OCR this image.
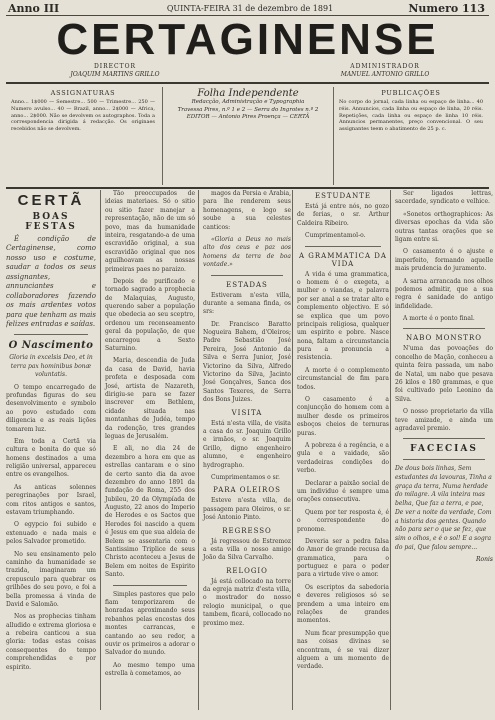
Anno III	QUINTA-FEIRA 31 de dezembro de 1891	Numero 113
CERTAGINENSE
DIRECTOR
JOAQUIM MARTINS GRILLO
ADMINISTRADOR
MANUEL ANTONIO GRILLO
ASSIGNATURAS
Anno... 1$000 — Semestre... 500 — Trimestre... 250 — Numero avulso... 40 — Brazil, anno... 2$000 — Africa, anno... 2$000. Não se devolvem os autographos. Toda a correspondencia dirigida á redacção. Os originaes recebidos não se devolvem.
Folha Independente
Redacção, Administração e Typographia
Travessa Pires, n.º 1 e 2 — Serra do Ingrotes n.º 2
EDITOR — Antonio Pires Proença — CERTÃ
PUBLICAÇÕES
No corpo do jornal, cada linha ou espaço de linha... 40 réis. Annuncios, cada linha ou espaço de linha, 20 réis. Repetições, cada linha ou espaço de linha 10 réis. Annuncios permanentes, preço convencional. O seu assignantes teem o abatimento de 25 p. c.
CERTÃ
BOAS FESTAS

É condição de Certaginense, como nosso uso e costume, saudar a todos os seus assignantes, annunciantes e collaboradores fazendo os mais ardentes votos para que tenham as mais felizes entradas e saídas.

O Nascimento

Gloria in excelsis Deo, et in terra pax hominibus bonæ voluntatis.

O tempo encarregado de profundas figuras do seu desenvolvimento e symbolo ao povo estudado com diligencia e as reais lições tomarem luz.

Em toda a Certã via cultura e bonita do que só homens destinados a uma religião universal, appareceu entre os evangelhos.

As anticas solennes peregrinações por Israel, com ritos antigos e santos, estavam triumphando.

O egypcio foi subido e extenuado e nada mais e pelos Salvador prometido.

No seu ensinamento pelo caminho da humanidade se trazida, imaginaram um crepusculo para quebrar os grilhões do seu povo, e foi a bella promessa á vinda de David e Salomão.

Nos as prophecias tinham alludido e extrema gloriosa e a rebeira canticou a sua gloria: todas estas coisas consequentes do tempo comprehendidas e por espirito.

Tão preoccupados de ideias materiaes. Só o sitio ou sitio fazer manejar a representação, não de um só povo, mas da humanidade inteira, resgatando-a de uma escravidão original, a sua escravidão original que nos aguilhoavam as nossas primeiras paes no paraizo.

Depois de purificado e tornado sagrado a prophecia de Malaquias, Augusto, querendo saber a população que obedecia ao seu sceptro, ordenou um recenseamento geral da população, de que encarregou a Sexto Saturnino.

Maria, descendia de Juda da casa de David, havia profeta e desposada com José, artista de Nazareth, dirigiu-se para se fazer inscrever em Bethlem, cidade situada nas montanhas de Judéa, tempo da rodenção, tres grandes leguas de Jerusalém.

E ali, no dia 24 de dezembro a hora em que as estrellas cantaram e o sino de certo santo dia da avoe dezembro do anno 1891 da fundação de Roma, 255 dos Jubileu, 20 da Olympíada de Augusto, 22 anos do Imperio de Herodes e os Sactos que Herodes foi nascido a quem é Jesus em que sua aldeia de Belem se assentaria com o Santissimo Triplice de seus Christo aconteceu a Jesus de Belem em noites de Espirito Santo.

Simples pastores que pelo fiam temporizarem de honradas aproximando seus rebanhos pelas encostas dos montes carrancas, e cantando ao seu redor, a ouvir os primeiros a adorar o Salvador do mundo.

Ao mesmo tempo uma estrella à cometamos, ao

magos da Persia e Arabia, para lhe renderem seus homenagens, e logo se soube a sua celestes canticos:

«Gloria a Deus no mais alto dos ceus e paz aos homens da terra de boa vontade.»

ESTADAS

Estiveram n'esta villa, durante a semana finda, os srs:

Dr. Francisco Baratto Nogueira Bahem, d'Oleiros; Padre Sebastião José Pereira, José Antonio da Silva e Serra Junior, José Victorino da Silva, Alfredo Victorino da Silva, Jacinto José Gonçalves, Sanca dos Santos Texeres, de Serra dos Bons Juizes.

VISITA

Está n'esta villa, de visita a casa do sr. Joaquim Grillo e irmãos, o sr. Joaquim Grillo, digno engenheiro alumno, e engenheiro hydrographo.

Cumprimentamos o sr.

PARA OLEIROS

Esteve n'esta villa, de passagem para Oleiros, o sr. José Antonio Pinto.

REGRESSO

Já regressou de Estremoz a esta villa o nosso amigo João da Silva Carvalho.

RELOGIO

Já está collocado na torre da egreja matriz d'esta villa, o mostrador do nosso relogio municipal, o que tambem, ficará, collocado no proximo mez.

ESTUDANTE

Está já entre nós, no gozo de ferias, o sr. Arthur Caldeira Ribeiro.

Cumprimentamol-o.

A GRAMMATICA DA VIDA

A vida é uma grammatica, o homem é o exegeta, a mulher o viandas, e palavra por ser anal a se tratar alto e complemento objectivo. E só se explica que um povo principais religiosa, qualquer um espirito e pobre. Nasce nona, faltam a circumstancia pura a pronuncia a resistencia.

A morte é o complemento circumstancial de fim para todos.

O casamento é a conjuncção do homem com a mulher desde os primeiros esboços cheios de ternuras puras.

A pobreza é a regência, e a gula e a vaidade, são verdadeiras condições do verbo.

Declarar a paixão social de um individuo é sempre uma orações consecutiva.

Quem por ter resposta é, é o correspondente do pronome.

Deveria ser a pedra falsa do Amor de grande recusa da grammatica, para o portuguez e para o poder para a virtude vive o amor.

Os escriptos da sabedoria e deveres religiosos só se prendem a uma inteiro em relações de grandes momentos.

Num ficar presumpção que nas coisas divinas se encontram, é se vai dizer alguem a um momento de verdade.

Ser ligados lettras, sacerdade, syndicato e velhice.

«Sonetos orthographicos: As diversas epochas da vida são outras tantas orações que se ligam entre si.

O casamento é o ajuste e imperfeito, formando aquelle mais prudencia do juramento.

A sarna arrancada nos olhos podemos admitir, que a sua regra é sanidade do antigo infidelidade.

A morte é o ponto final.

NABO MONSTRO

N'uma das povoações do concelho de Mação, conheceu a quinta feira passada, um nabo de Natal, um nabo que pesava 26 kilos e 180 grammas, e que foi cultivado pelo Leonino da Silva.

O nosso proprietario da villa teve amizade, e ainda um agradavel premio.

FACECIAS
De dous bois linhas, Sem estudantes da lavouras, Tinha a graça da terra, Numa herdade do milagre. A vila inteira mas belha, Que faz a terra, e pae, De ver a noite da verdade, Com a historia dos gentes. Quando não para ser o que se fez, que sim o olhos, e é o sol! E a sogra do pai, Que falou sempre...
Ronis
